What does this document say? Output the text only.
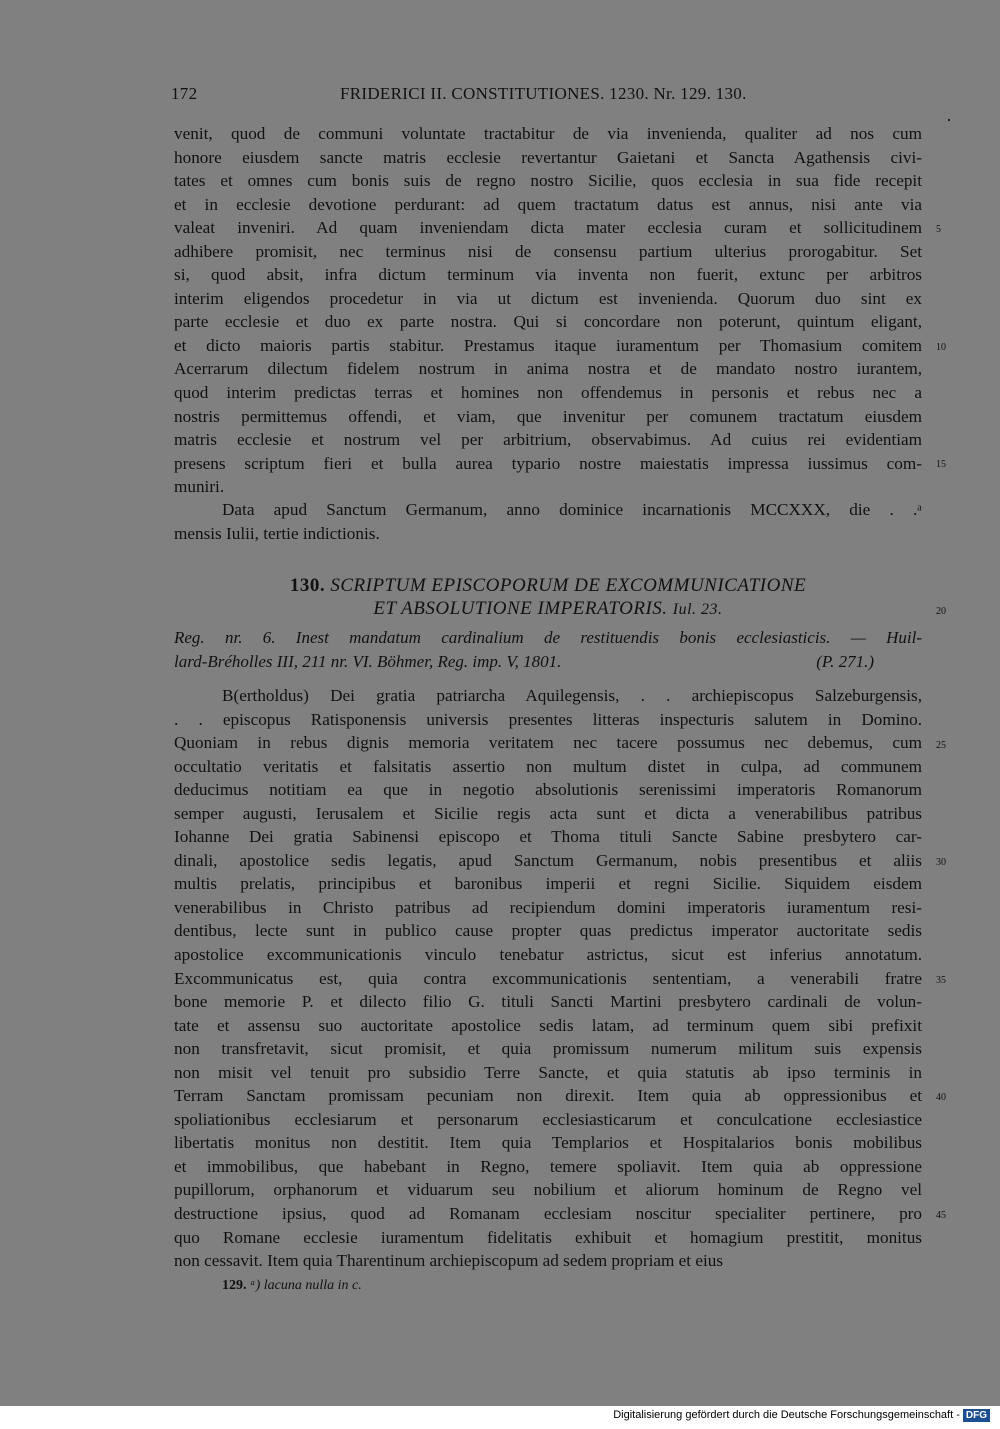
172	FRIDERICI II. CONSTITUTIONES. 1230. Nr. 129. 130.
venit, quod de communi voluntate tractabitur de via invenienda, qualiter ad nos cum
honore eiusdem sancte matris ecclesie revertantur Gaietani et Sancta Agathensis civi-
tates et omnes cum bonis suis de regno nostro Sicilie, quos ecclesia in sua fide recepit
et in ecclesie devotione perdurant: ad quem tractatum datus est annus, nisi ante via
valeat inveniri. Ad quam inveniendam dicta mater ecclesia curam et sollicitudinem
adhibere promisit, nec terminus nisi de consensu partium ulterius prorogabitur. Set
si, quod absit, infra dictum terminum via inventa non fuerit, extunc per arbitros
interim eligendos procedetur in via ut dictum est invenienda. Quorum duo sint ex
parte ecclesie et duo ex parte nostra. Qui si concordare non poterunt, quintum eligant,
et dicto maioris partis stabitur. Prestamus itaque iuramentum per Thomasium comitem
Acerrarum dilectum fidelem nostrum in anima nostra et de mandato nostro iurantem,
quod interim predictas terras et homines non offendemus in personis et rebus nec a
nostris permittemus offendi, et viam, que invenitur per comunem tractatum eiusdem
matris ecclesie et nostrum vel per arbitrium, observabimus. Ad cuius rei evidentiam
presens scriptum fieri et bulla aurea typario nostre maiestatis impressa iussimus com-
muniri.
Data apud Sanctum Germanum, anno dominice incarnationis MCCXXX, die . .ᵃ
mensis Iulii, tertie indictionis.
130. SCRIPTUM EPISCOPORUM DE EXCOMMUNICATIONE
ET ABSOLUTIONE IMPERATORIS. Iul. 23.
Reg. nr. 6. Inest mandatum cardinalium de restituendis bonis ecclesiasticis. — Huil-
lard-Bréholles III, 211 nr. VI. Böhmer, Reg. imp. V, 1801.	(P. 271.)
B(ertholdus) Dei gratia patriarcha Aquilegensis, . . archiepiscopus Salzeburgensis,
. . episcopus Ratisponensis universis presentes litteras inspecturis salutem in Domino.
Quoniam in rebus dignis memoria veritatem nec tacere possumus nec debemus, cum
occultatio veritatis et falsitatis assertio non multum distet in culpa, ad communem
deducimus notitiam ea que in negotio absolutionis serenissimi imperatoris Romanorum
semper augusti, Ierusalem et Sicilie regis acta sunt et dicta a venerabilibus patribus
Iohanne Dei gratia Sabinensi episcopo et Thoma tituli Sancte Sabine presbytero car-
dinali, apostolice sedis legatis, apud Sanctum Germanum, nobis presentibus et aliis
multis prelatis, principibus et baronibus imperii et regni Sicilie. Siquidem eisdem
venerabilibus in Christo patribus ad recipiendum domini imperatoris iuramentum resi-
dentibus, lecte sunt in publico cause propter quas predictus imperator auctoritate sedis
apostolice excommunicationis vinculo tenebatur astrictus, sicut est inferius annotatum.
Excommunicatus est, quia contra excommunicationis sententiam, a venerabili fratre
bone memorie P. et dilecto filio G. tituli Sancti Martini presbytero cardinali de volun-
tate et assensu suo auctoritate apostolice sedis latam, ad terminum quem sibi prefixit
non transfretavit, sicut promisit, et quia promissum numerum militum suis expensis
non misit vel tenuit pro subsidio Terre Sancte, et quia statutis ab ipso terminis in
Terram Sanctam promissam pecuniam non direxit. Item quia ab oppressionibus et
spoliationibus ecclesiarum et personarum ecclesiasticarum et conculcatione ecclesiastice
libertatis monitus non destitit. Item quia Templarios et Hospitalarios bonis mobilibus
et immobilibus, que habebant in Regno, temere spoliavit. Item quia ab oppressione
pupillorum, orphanorum et viduarum seu nobilium et aliorum hominum de Regno vel
destructione ipsius, quod ad Romanam ecclesiam noscitur specialiter pertinere, pro
quo Romane ecclesie iuramentum fidelitatis exhibuit et homagium prestitit, monitus
non cessavit. Item quia Tharentinum archiepiscopum ad sedem propriam et eius
5
10
15
20
25
30
35
40
45
129. ᵃ) lacuna nulla in c.
Digitalisierung gefördert durch die Deutsche Forschungsgemeinschaft - DFG
